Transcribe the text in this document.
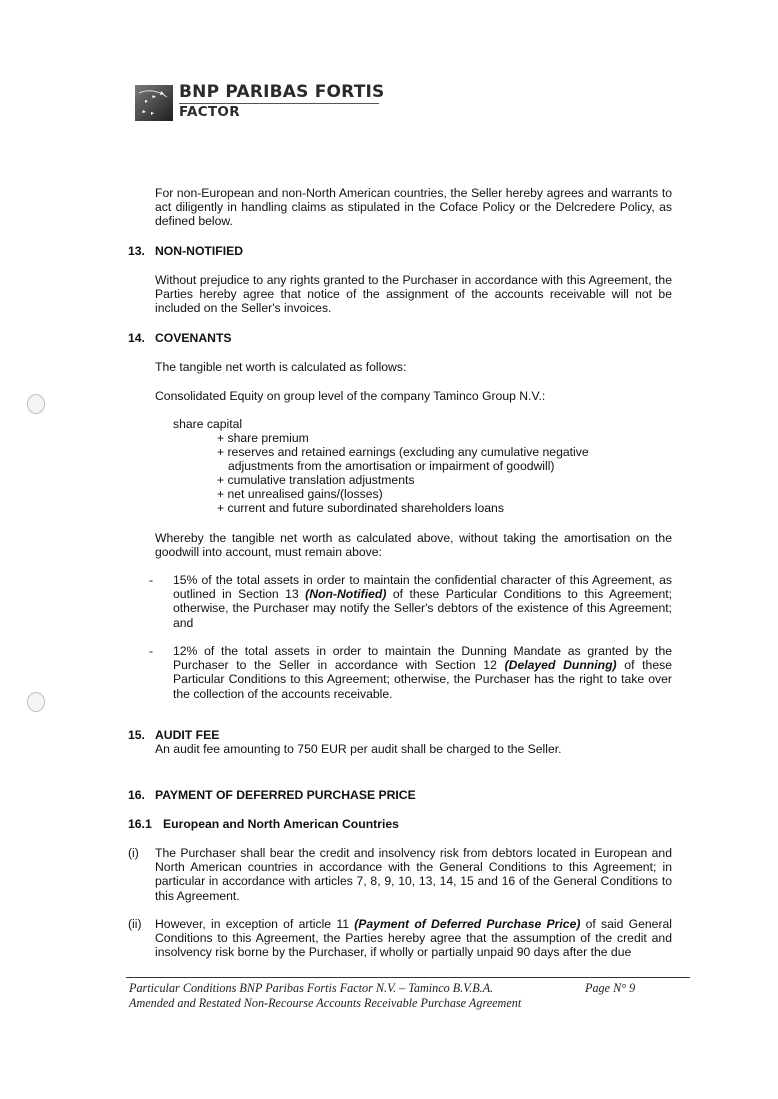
BNP PARIBAS FORTIS
FACTOR
For non-European and non-North American countries, the Seller hereby agrees and warrants to act diligently in handling claims as stipulated in the Coface Policy or the Delcredere Policy, as defined below.
13. NON-NOTIFIED
Without prejudice to any rights granted to the Purchaser in accordance with this Agreement, the Parties hereby agree that notice of the assignment of the accounts receivable will not be included on the Seller's invoices.
14. COVENANTS
The tangible net worth is calculated as follows:
Consolidated Equity on group level of the company Taminco Group N.V.:
share capital
+ share premium
+ reserves and retained earnings (excluding any cumulative negative
adjustments from the amortisation or impairment of goodwill)
+ cumulative translation adjustments
+ net unrealised gains/(losses)
+ current and future subordinated shareholders loans
Whereby the tangible net worth as calculated above, without taking the amortisation on the goodwill into account, must remain above:
- 15% of the total assets in order to maintain the confidential character of this Agreement, as outlined in Section 13 (Non-Notified) of these Particular Conditions to this Agreement; otherwise, the Purchaser may notify the Seller's debtors of the existence of this Agreement; and
- 12% of the total assets in order to maintain the Dunning Mandate as granted by the Purchaser to the Seller in accordance with Section 12 (Delayed Dunning) of these Particular Conditions to this Agreement; otherwise, the Purchaser has the right to take over the collection of the accounts receivable.
15. AUDIT FEE
An audit fee amounting to 750 EUR per audit shall be charged to the Seller.
16. PAYMENT OF DEFERRED PURCHASE PRICE
16.1 European and North American Countries
(i) The Purchaser shall bear the credit and insolvency risk from debtors located in European and North American countries in accordance with the General Conditions to this Agreement; in particular in accordance with articles 7, 8, 9, 10, 13, 14, 15 and 16 of the General Conditions to this Agreement.
(ii) However, in exception of article 11 (Payment of Deferred Purchase Price) of said General Conditions to this Agreement, the Parties hereby agree that the assumption of the credit and insolvency risk borne by the Purchaser, if wholly or partially unpaid 90 days after the due
Particular Conditions BNP Paribas Fortis Factor N.V. – Taminco B.V.B.A.	Page N° 9
Amended and Restated Non-Recourse Accounts Receivable Purchase Agreement
